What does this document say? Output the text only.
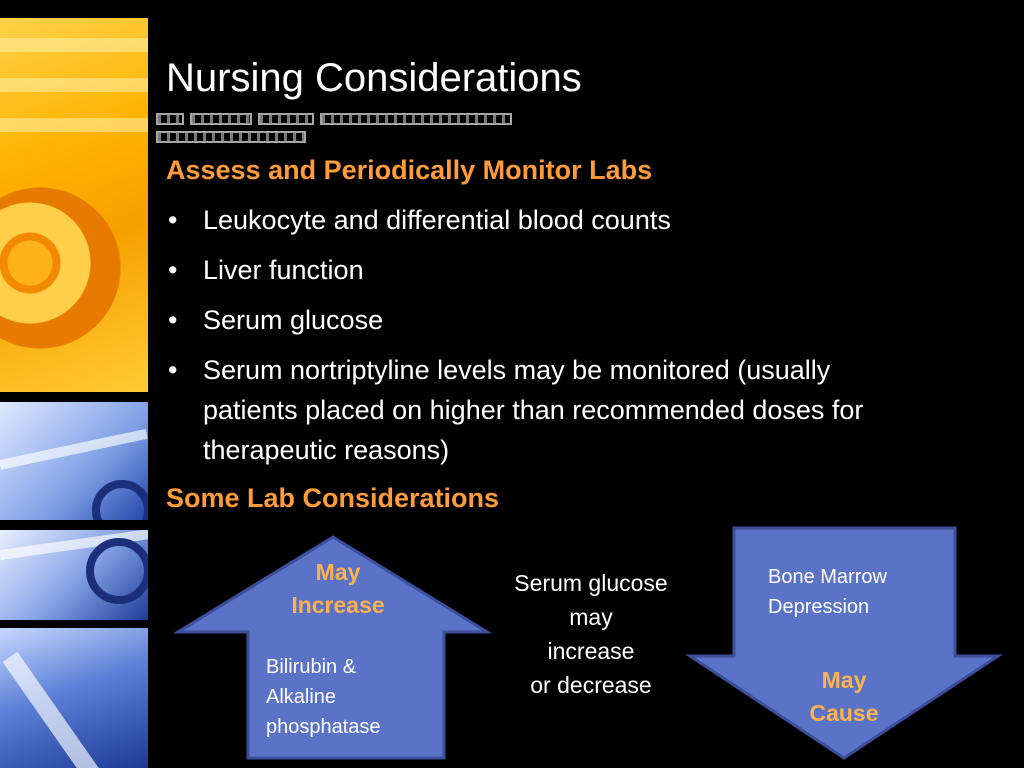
Nursing Considerations
Assess and Periodically Monitor Labs
• Leukocyte and differential blood counts
• Liver function
• Serum glucose
• Serum nortriptyline levels may be monitored (usually patients placed on higher than recommended doses for therapeutic reasons)
Some Lab Considerations
May
Increase
Bilirubin &
Alkaline
phosphatase
Serum glucose
may
increase
or decrease
Bone Marrow
Depression
May
Cause
